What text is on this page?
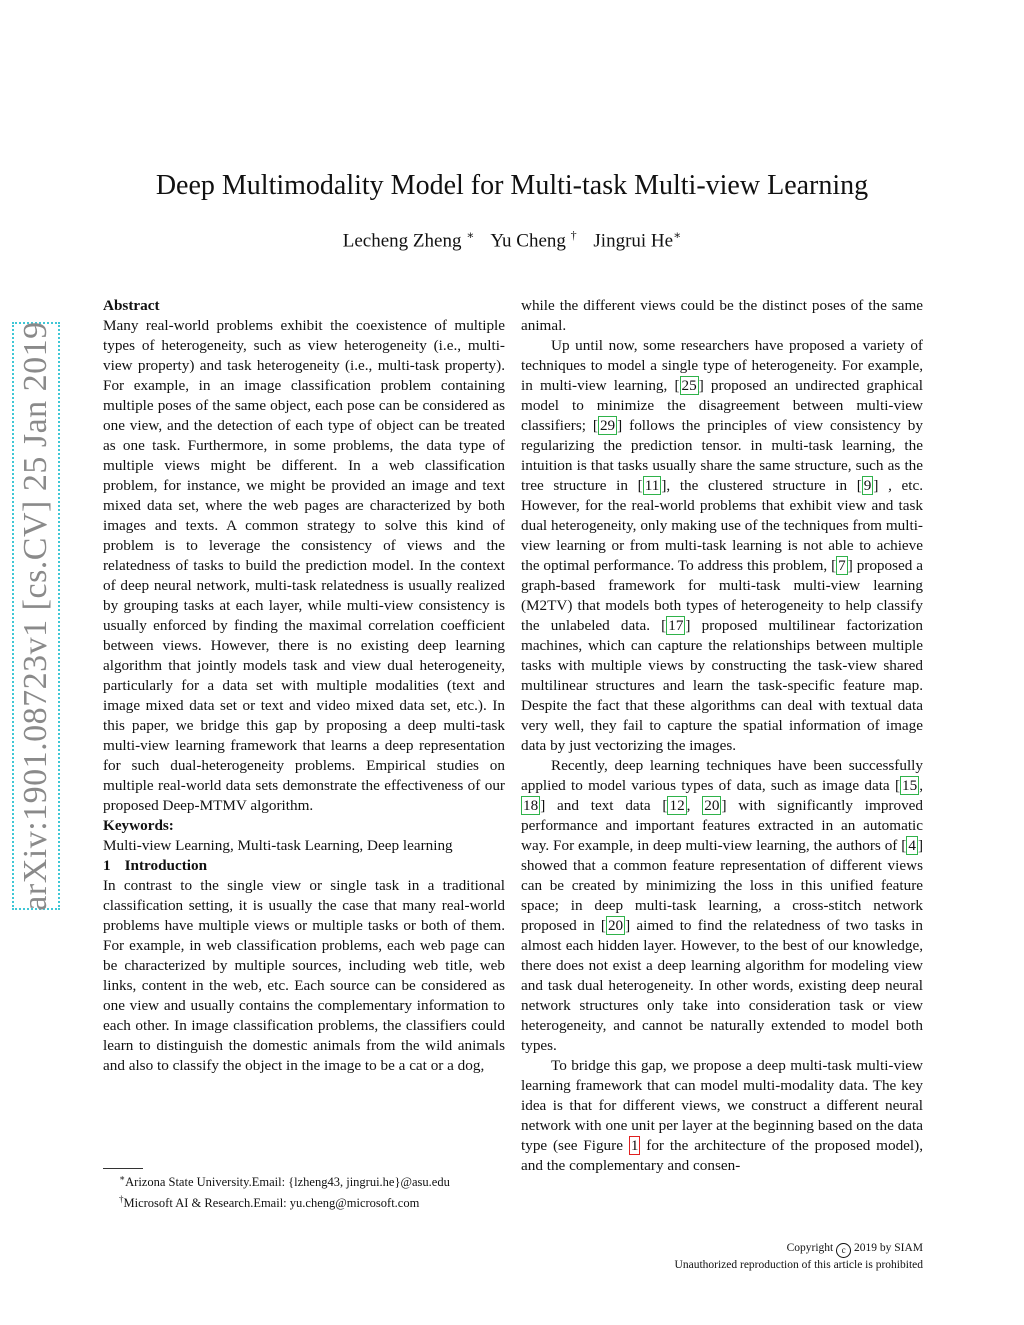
arXiv:1901.08723v1 [cs.CV] 25 Jan 2019
Deep Multimodality Model for Multi-task Multi-view Learning
Lecheng Zheng ∗ Yu Cheng † Jingrui He∗

Abstract

Many real-world problems exhibit the coexistence of multiple types of heterogeneity, such as view heterogeneity (i.e., multi-view property) and task heterogeneity (i.e., multi-task property). For example, in an image classification problem containing multiple poses of the same object, each pose can be considered as one view, and the detection of each type of object can be treated as one task. Furthermore, in some problems, the data type of multiple views might be different. In a web classification problem, for instance, we might be provided an image and text mixed data set, where the web pages are characterized by both images and texts. A common strategy to solve this kind of problem is to leverage the consistency of views and the relatedness of tasks to build the prediction model. In the context of deep neural network, multi-task relatedness is usually realized by grouping tasks at each layer, while multi-view consistency is usually enforced by finding the maximal correlation coefficient between views. However, there is no existing deep learning algorithm that jointly models task and view dual heterogeneity, particularly for a data set with multiple modalities (text and image mixed data set or text and video mixed data set, etc.). In this paper, we bridge this gap by proposing a deep multi-task multi-view learning framework that learns a deep representation for such dual-heterogeneity problems. Empirical studies on multiple real-world data sets demonstrate the effectiveness of our proposed Deep-MTMV algorithm.

Keywords:

Multi-view Learning, Multi-task Learning, Deep learning

1 Introduction

In contrast to the single view or single task in a traditional classification setting, it is usually the case that many real-world problems have multiple views or multiple tasks or both of them. For example, in web classification problems, each web page can be characterized by multiple sources, including web title, web links, content in the web, etc. Each source can be considered as one view and usually contains the complementary information to each other. In image classification problems, the classifiers could learn to distinguish the domestic animals from the wild animals and also to classify the object in the image to be a cat or a dog,

while the different views could be the distinct poses of the same animal.

Up until now, some researchers have proposed a variety of techniques to model a single type of heterogeneity. For example, in multi-view learning, [ 25 ] proposed an undirected graphical model to minimize the disagreement between multi-view classifiers; [ 29 ] follows the principles of view consistency by regularizing the prediction tensor. in multi-task learning, the intuition is that tasks usually share the same structure, such as the tree structure in [ 11 ], the clustered structure in [ 9 ] , etc. However, for the real-world problems that exhibit view and task dual heterogeneity, only making use of the techniques from multi-view learning or from multi-task learning is not able to achieve the optimal performance. To address this problem, [ 7 ] proposed a graph-based framework for multi-task multi-view learning (M2TV) that models both types of heterogeneity to help classify the unlabeled data. [ 17 ] proposed multilinear factorization machines, which can capture the relationships between multiple tasks with multiple views by constructing the task-view shared multilinear structures and learn the task-specific feature map. Despite the fact that these algorithms can deal with textual data very well, they fail to capture the spatial information of image data by just vectorizing the images.

Recently, deep learning techniques have been successfully applied to model various types of data, such as image data [ 15 , 18 ] and text data [ 12 , 20 ] with significantly improved performance and important features extracted in an automatic way. For example, in deep multi-view learning, the authors of [ 4 ] showed that a common feature representation of different views can be created by minimizing the loss in this unified feature space; in deep multi-task learning, a cross-stitch network proposed in [ 20 ] aimed to find the relatedness of two tasks in almost each hidden layer. However, to the best of our knowledge, there does not exist a deep learning algorithm for modeling view and task dual heterogeneity. In other words, existing deep neural network structures only take into consideration task or view heterogeneity, and cannot be naturally extended to model both types.

To bridge this gap, we propose a deep multi-task multi-view learning framework that can model multi-modality data. The key idea is that for different views, we construct a different neural network with one unit per layer at the beginning based on the data type (see Figure 1 for the architecture of the proposed model), and the complementary and consen-

∗Arizona State University.Email: {lzheng43, jingrui.he}@asu.edu

†Microsoft AI & Research.Email: yu.cheng@microsoft.com

Copyright c 2019 by SIAM
Unauthorized reproduction of this article is prohibited
